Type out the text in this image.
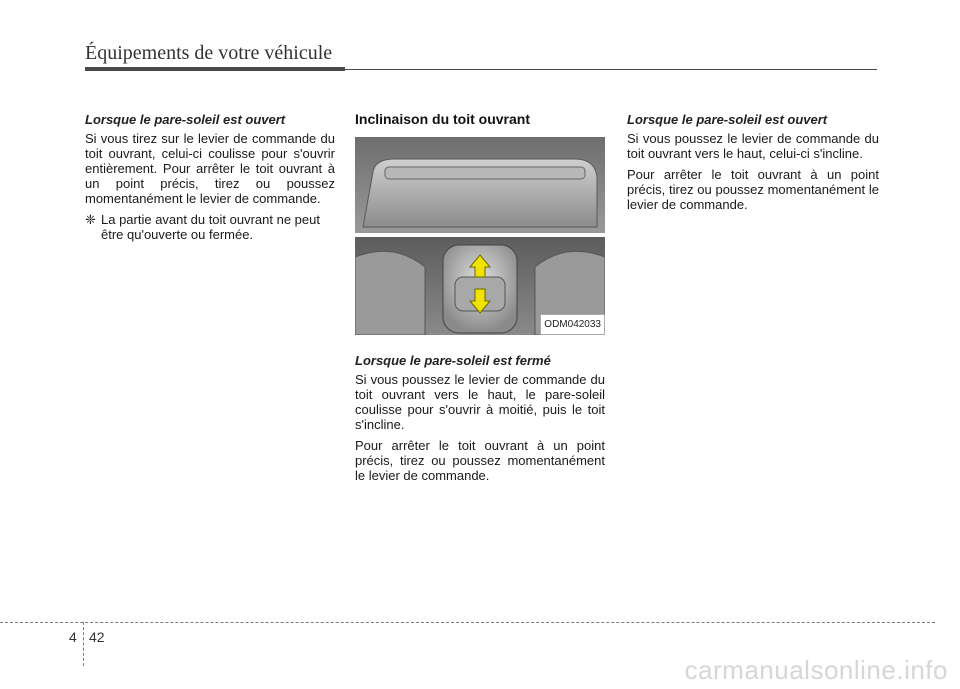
Équipements de votre véhicule
Lorsque le pare-soleil est ouvert

Si vous tirez sur le levier de commande du toit ouvrant, celui-ci coulisse pour s'ouvrir entièrement. Pour arrêter le toit ouvrant à un point précis, tirez ou poussez momentanément le levier de commande.

❈ La partie avant du toit ouvrant ne peut être qu'ouverte ou fermée.
Inclinaison du toit ouvrant
ODM042033
Lorsque le pare-soleil est fermé

Si vous poussez le levier de commande du toit ouvrant vers le haut, le pare-soleil coulisse pour s'ouvrir à moitié, puis le toit s'incline.

Pour arrêter le toit ouvrant à un point précis, tirez ou poussez momentanément le levier de commande.

Lorsque le pare-soleil est ouvert

Si vous poussez le levier de commande du toit ouvrant vers le haut, celui-ci s'incline.

Pour arrêter le toit ouvrant à un point précis, tirez ou poussez momentanément le levier de commande.

4 42
carmanualsonline.info
